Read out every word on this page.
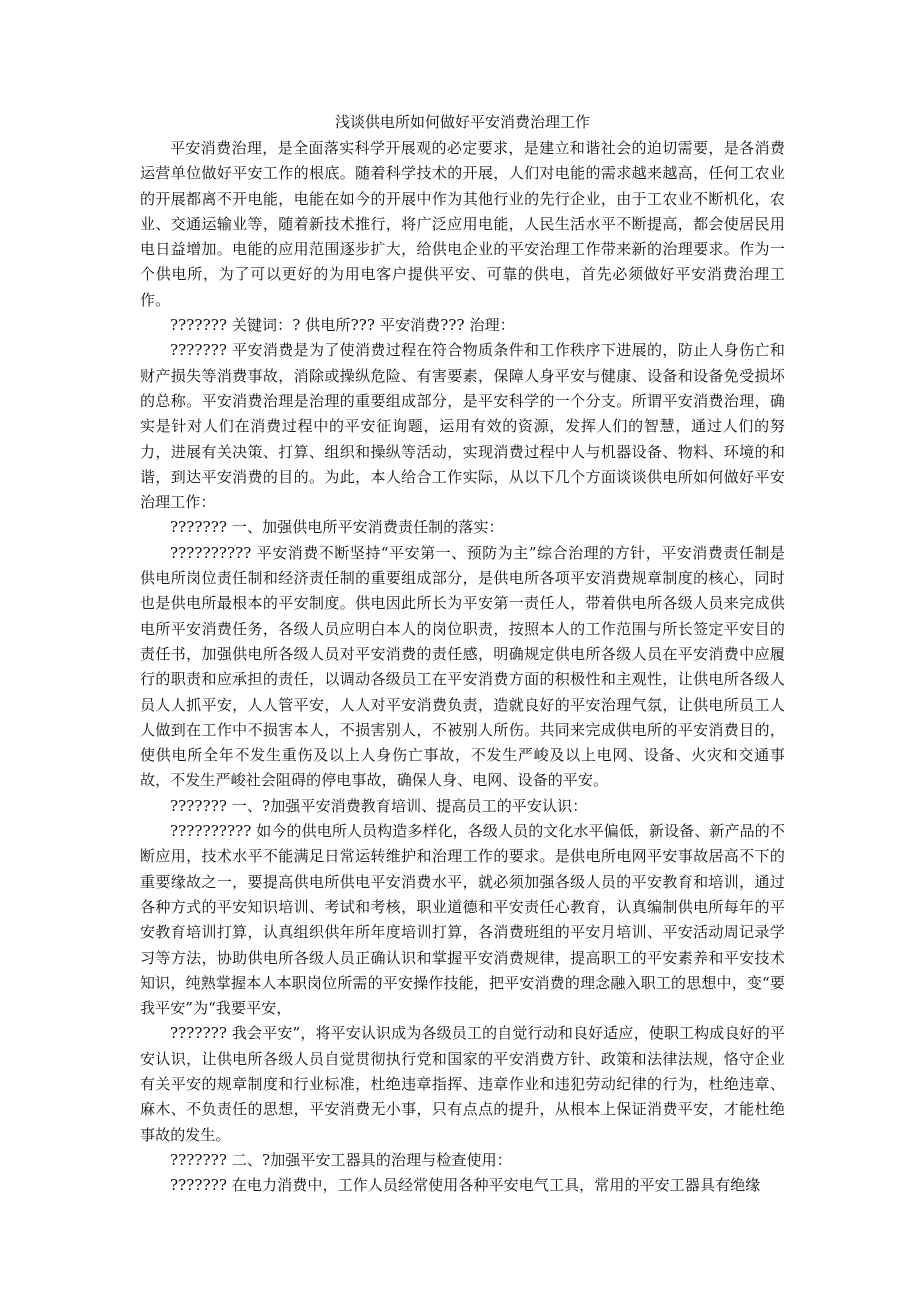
浅谈供电所如何做好平安消费治理工作

平安消费治理，是全面落实科学开展观的必定要求，是建立和谐社会的迫切需要，是各消费运营单位做好平安工作的根底。随着科学技术的开展，人们对电能的需求越来越高，任何工农业的开展都离不开电能，电能在如今的开展中作为其他行业的先行企业，由于工农业不断机化，农业、交通运输业等，随着新技术推行，将广泛应用电能，人民生活水平不断提高，都会使居民用电日益增加。电能的应用范围逐步扩大，给供电企业的平安治理工作带来新的治理要求。作为一个供电所，为了可以更好的为用电客户提供平安、可靠的供电，首先必须做好平安消费治理工作。

??????? 关键词：? 供电所??? 平安消费??? 治理：

??????? 平安消费是为了使消费过程在符合物质条件和工作秩序下进展的，防止人身伤亡和财产损失等消费事故，消除或操纵危险、有害要素，保障人身平安与健康、设备和设备免受损坏的总称。平安消费治理是治理的重要组成部分，是平安科学的一个分支。所谓平安消费治理，确实是针对人们在消费过程中的平安征询题，运用有效的资源，发挥人们的智慧，通过人们的努力，进展有关决策、打算、组织和操纵等活动，实现消费过程中人与机器设备、物料、环境的和谐，到达平安消费的目的。为此，本人给合工作实际，从以下几个方面谈谈供电所如何做好平安治理工作：

??????? 一、加强供电所平安消费责任制的落实：

?????????? 平安消费不断坚持“平安第一、预防为主”综合治理的方针，平安消费责任制是供电所岗位责任制和经济责任制的重要组成部分，是供电所各项平安消费规章制度的核心，同时也是供电所最根本的平安制度。供电因此所长为平安第一责任人，带着供电所各级人员来完成供电所平安消费任务，各级人员应明白本人的岗位职责，按照本人的工作范围与所长签定平安目的责任书，加强供电所各级人员对平安消费的责任感，明确规定供电所各级人员在平安消费中应履行的职责和应承担的责任，以调动各级员工在平安消费方面的积极性和主观性，让供电所各级人员人人抓平安，人人管平安，人人对平安消费负责，造就良好的平安治理气氛，让供电所员工人人做到在工作中不损害本人，不损害别人，不被别人所伤。共同来完成供电所的平安消费目的，使供电所全年不发生重伤及以上人身伤亡事故，不发生严峻及以上电网、设备、火灾和交通事故，不发生严峻社会阻碍的停电事故，确保人身、电网、设备的平安。

??????? 一、?加强平安消费教育培训、提高员工的平安认识：

?????????? 如今的供电所人员构造多样化，各级人员的文化水平偏低，新设备、新产品的不断应用，技术水平不能满足日常运转维护和治理工作的要求。是供电所电网平安事故居高不下的重要缘故之一，要提高供电所供电平安消费水平，就必须加强各级人员的平安教育和培训，通过各种方式的平安知识培训、考试和考核，职业道德和平安责任心教育，认真编制供电所每年的平安教育培训打算，认真组织供年所年度培训打算，各消费班组的平安月培训、平安活动周记录学习等方法，协助供电所各级人员正确认识和掌握平安消费规律，提高职工的平安素养和平安技术知识，纯熟掌握本人本职岗位所需的平安操作技能，把平安消费的理念融入职工的思想中，变“要我平安”为“我要平安，

??????? 我会平安”，将平安认识成为各级员工的自觉行动和良好适应，使职工构成良好的平安认识，让供电所各级人员自觉贯彻执行党和国家的平安消费方针、政策和法律法规，恪守企业有关平安的规章制度和行业标准，杜绝违章指挥、违章作业和违犯劳动纪律的行为，杜绝违章、麻木、不负责任的思想，平安消费无小事，只有点点的提升，从根本上保证消费平安，才能杜绝事故的发生。

??????? 二、?加强平安工器具的治理与检查使用：

??????? 在电力消费中，工作人员经常使用各种平安电气工具，常用的平安工器具有绝缘
